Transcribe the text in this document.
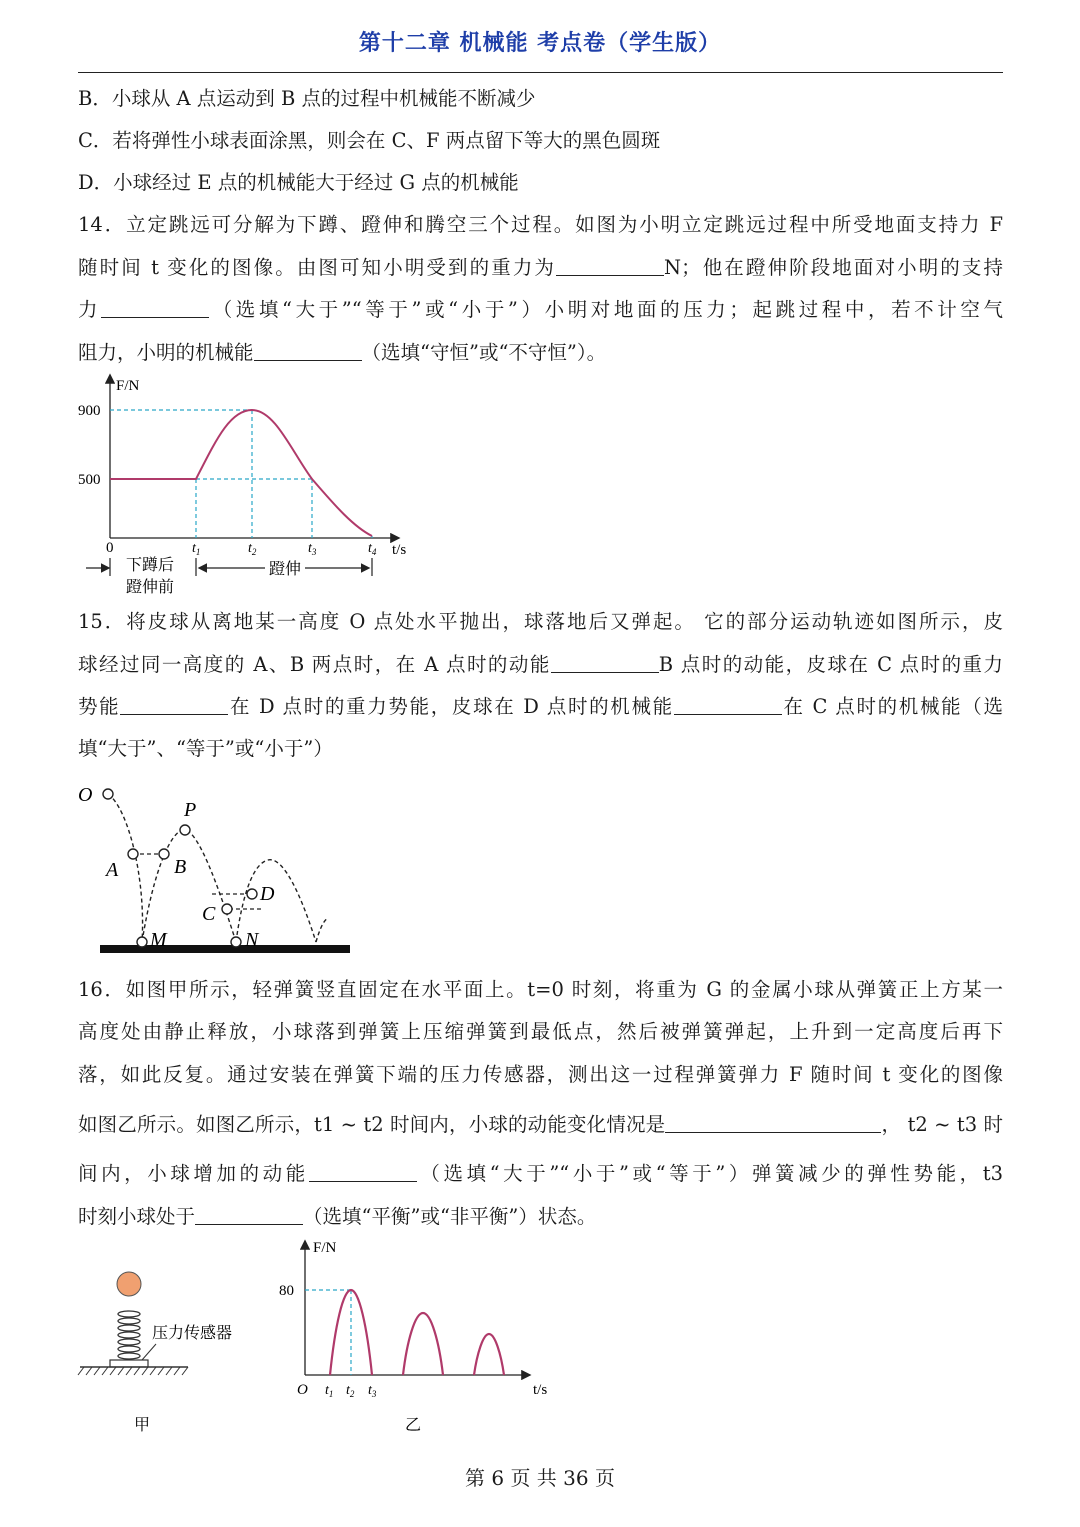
第十二章 机械能 考点卷（学生版）
B．小球从 A 点运动到 B 点的过程中机械能不断减少
C．若将弹性小球表面涂黑，则会在 C、F 两点留下等大的黑色圆斑
D．小球经过 E 点的机械能大于经过 G 点的机械能
14．立定跳远可分解为下蹲、蹬伸和腾空三个过程。如图为小明立定跳远过程中所受地面支持力 F
随时间 t 变化的图像。由图可知小明受到的重力为	N；他在蹬伸阶段地面对小明的支持
力	（选填“大于”“等于”或“小于”）小明对地面的压力；起跳过程中，若不计空气
阻力，小明的机械能	（选填“守恒”或“不守恒”）。
F/N
t/s
0
900
500
$t_1$	$t_2$	$t_3$	$t_4$
下蹲后
蹬伸前
蹬伸
15．将皮球从离地某一高度 O 点处水平抛出，球落地后又弹起。 它的部分运动轨迹如图所示，皮
球经过同一高度的 A、B 两点时，在 A 点时的动能	B 点时的动能，皮球在 C 点时的重力
势能	在 D 点时的重力势能，皮球在 D 点时的机械能	在 C 点时的机械能（选
填“大于”、“等于”或“小于”）
O
P
A	B
C
D
M	N
16．如图甲所示，轻弹簧竖直固定在水平面上。t=0 时刻，将重为 G 的金属小球从弹簧正上方某一
高度处由静止释放，小球落到弹簧上压缩弹簧到最低点，然后被弹簧弹起，上升到一定高度后再下
落，如此反复。通过安装在弹簧下端的压力传感器，测出这一过程弹簧弹力 F 随时间 t 变化的图像
如图乙所示。如图乙所示，t1 ~ t2 时间内，小球的动能变化情况是	， t2 ~ t3 时
间内，小球增加的动能	（选填“大于”“小于”或“等于”）弹簧减少的弹性势能，t3
时刻小球处于	（选填“平衡”或“非平衡”）状态。
压力传感器
甲
F/N
t/s
O
80
$t_1$ $t_2$ $t_3$
乙
第 6 页 共 36 页
